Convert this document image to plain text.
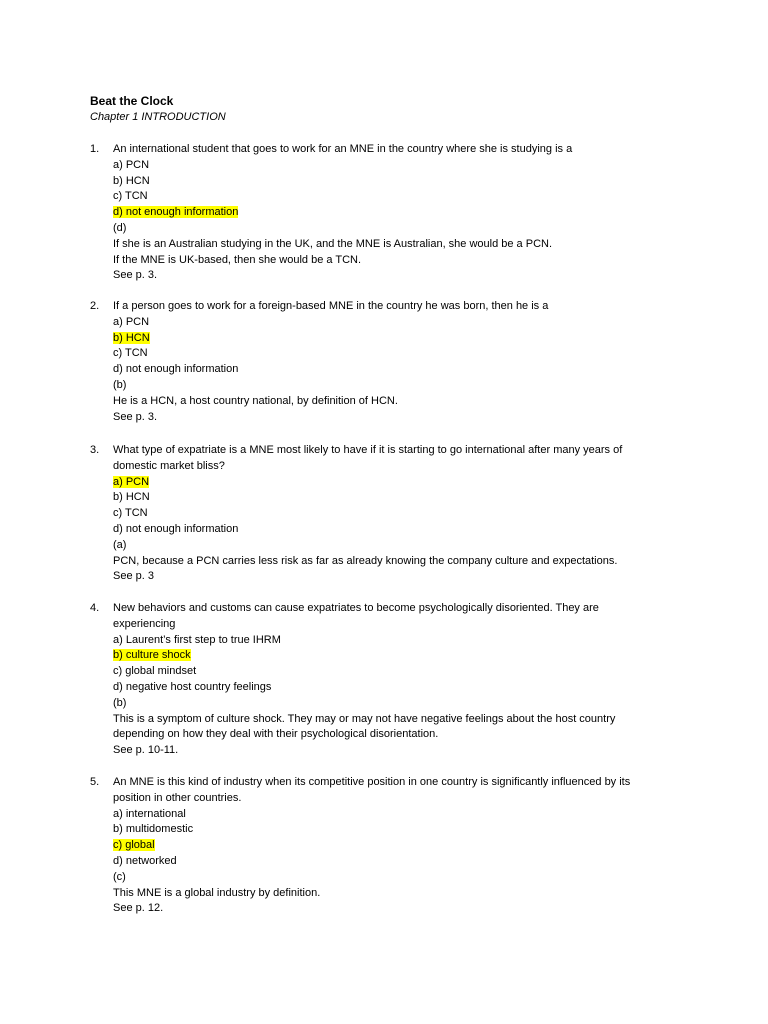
Beat the Clock
Chapter 1 INTRODUCTION
1. An international student that goes to work for an MNE in the country where she is studying is a
a) PCN
b) HCN
c) TCN
d) not enough information
(d)
If she is an Australian studying in the UK, and the MNE is Australian, she would be a PCN.
If the MNE is UK-based, then she would be a TCN.
See p. 3.
2. If a person goes to work for a foreign-based MNE in the country he was born, then he is a
a) PCN
b) HCN
c) TCN
d) not enough information
(b)
He is a HCN, a host country national, by definition of HCN.
See p. 3.
3. What type of expatriate is a MNE most likely to have if it is starting to go international after many years of
domestic market bliss?
a) PCN
b) HCN
c) TCN
d) not enough information
(a)
PCN, because a PCN carries less risk as far as already knowing the company culture and expectations.
See p. 3
4. New behaviors and customs can cause expatriates to become psychologically disoriented. They are
experiencing
a) Laurent’s first step to true IHRM
b) culture shock
c) global mindset
d) negative host country feelings
(b)
This is a symptom of culture shock. They may or may not have negative feelings about the host country
depending on how they deal with their psychological disorientation.
See p. 10-11.
5. An MNE is this kind of industry when its competitive position in one country is significantly influenced by its
position in other countries.
a) international
b) multidomestic
c) global
d) networked
(c)
This MNE is a global industry by definition.
See p. 12.
